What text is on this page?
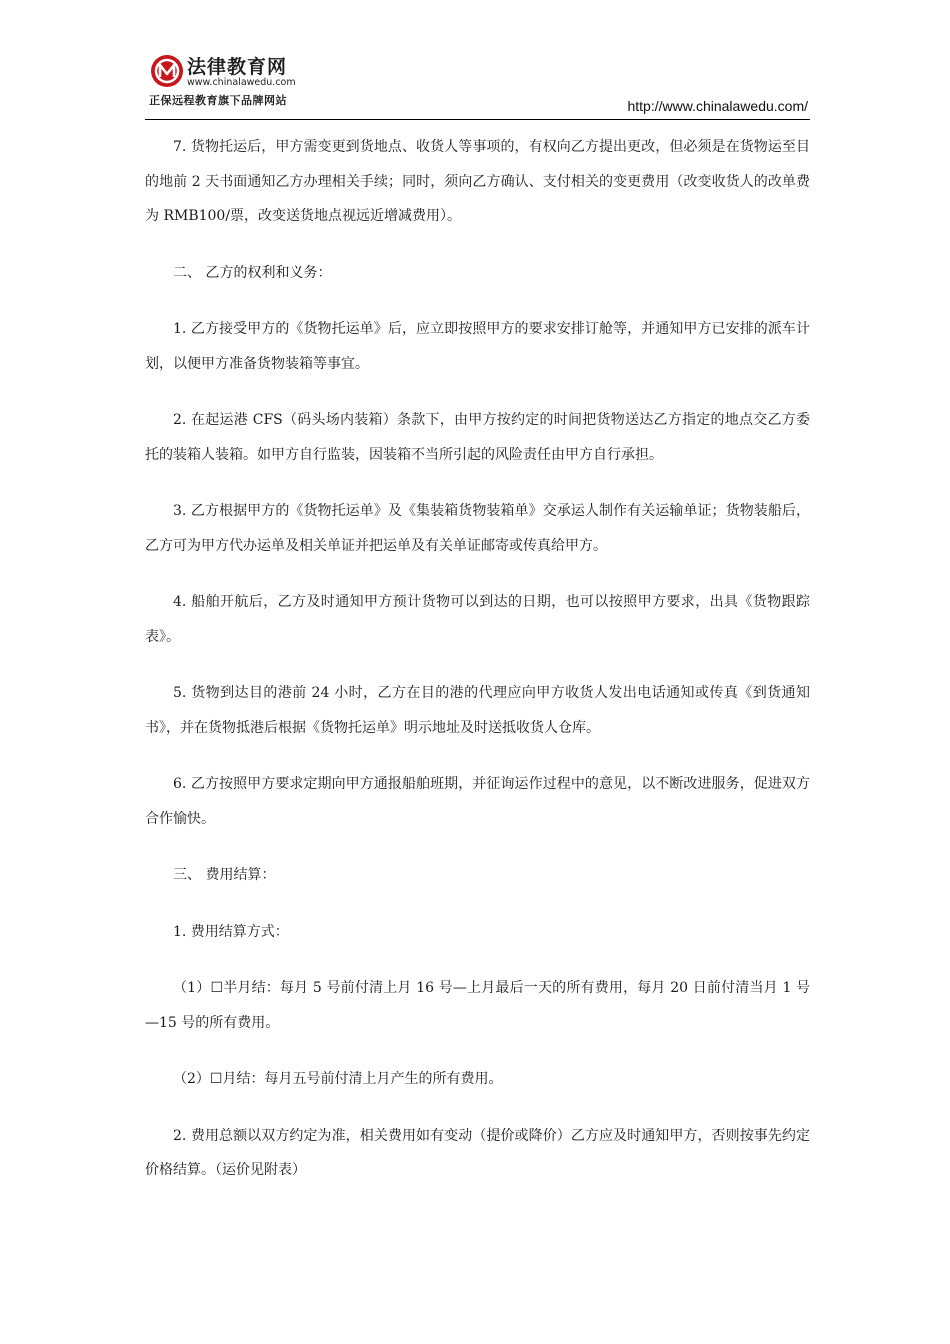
法律教育网
www.chinalawedu.com
正保远程教育旗下品牌网站	http://www.chinalawedu.com/

7. 货物托运后，甲方需变更到货地点、收货人等事项的，有权向乙方提出更改，但必须是在货物运至目的地前 2 天书面通知乙方办理相关手续；同时，须向乙方确认、支付相关的变更费用（改变收货人的改单费为 RMB100/票，改变送货地点视远近增减费用）。

二、 乙方的权利和义务：

1. 乙方接受甲方的《货物托运单》后，应立即按照甲方的要求安排订舱等，并通知甲方已安排的派车计划，以便甲方准备货物装箱等事宜。

2. 在起运港 CFS（码头场内装箱）条款下，由甲方按约定的时间把货物送达乙方指定的地点交乙方委托的装箱人装箱。如甲方自行监装，因装箱不当所引起的风险责任由甲方自行承担。

3. 乙方根据甲方的《货物托运单》及《集装箱货物装箱单》交承运人制作有关运输单证；货物装船后，乙方可为甲方代办运单及相关单证并把运单及有关单证邮寄或传真给甲方。

4. 船舶开航后，乙方及时通知甲方预计货物可以到达的日期，也可以按照甲方要求，出具《货物跟踪表》。

5. 货物到达目的港前 24 小时，乙方在目的港的代理应向甲方收货人发出电话通知或传真《到货通知书》，并在货物抵港后根据《货物托运单》明示地址及时送抵收货人仓库。

6. 乙方按照甲方要求定期向甲方通报船舶班期，并征询运作过程中的意见，以不断改进服务，促进双方合作愉快。

三、 费用结算：

1. 费用结算方式：

（1）☐半月结：每月 5 号前付清上月 16 号—上月最后一天的所有费用，每月 20 日前付清当月 1 号—15 号的所有费用。

（2）☐月结：每月五号前付清上月产生的所有费用。

2. 费用总额以双方约定为准，相关费用如有变动（提价或降价）乙方应及时通知甲方，否则按事先约定价格结算。（运价见附表）
